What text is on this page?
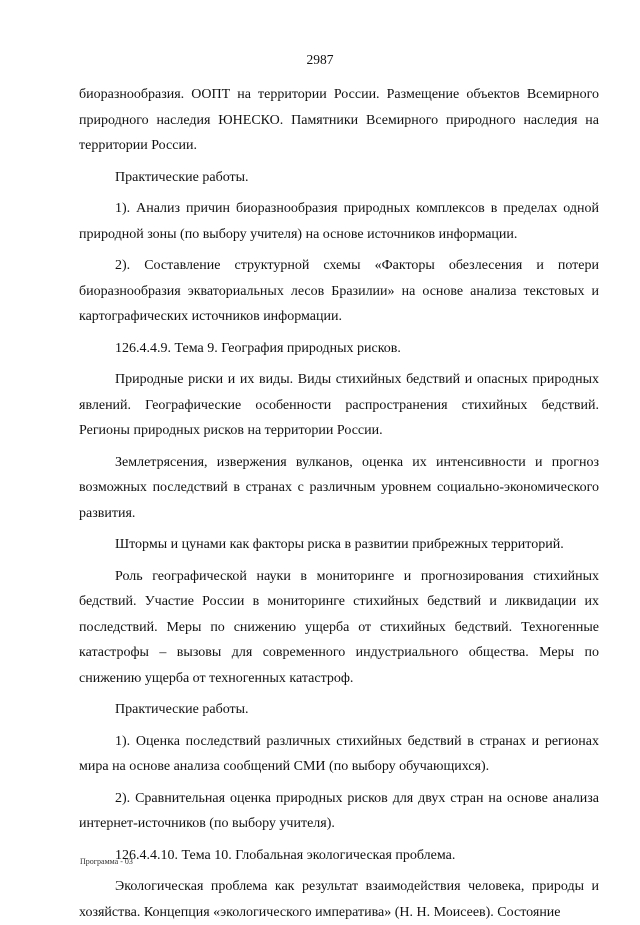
2987

биоразнообразия. ООПТ на территории России. Размещение объектов Всемирного природного наследия ЮНЕСКО. Памятники Всемирного природного наследия на территории России.

Практические работы.

1). Анализ причин биоразнообразия природных комплексов в пределах одной природной зоны (по выбору учителя) на основе источников информации.

2). Составление структурной схемы «Факторы обезлесения и потери биоразнообразия экваториальных лесов Бразилии» на основе анализа текстовых и картографических источников информации.

126.4.4.9. Тема 9. География природных рисков.

Природные риски и их виды. Виды стихийных бедствий и опасных природных явлений. Географические особенности распространения стихийных бедствий. Регионы природных рисков на территории России.

Землетрясения, извержения вулканов, оценка их интенсивности и прогноз возможных последствий в странах с различным уровнем социально-экономического развития.

Штормы и цунами как факторы риска в развитии прибрежных территорий.

Роль географической науки в мониторинге и прогнозирования стихийных бедствий. Участие России в мониторинге стихийных бедствий и ликвидации их последствий. Меры по снижению ущерба от стихийных бедствий. Техногенные катастрофы – вызовы для современного индустриального общества. Меры по снижению ущерба от техногенных катастроф.

Практические работы.

1). Оценка последствий различных стихийных бедствий в странах и регионах мира на основе анализа сообщений СМИ (по выбору обучающихся).

2). Сравнительная оценка природных рисков для двух стран на основе анализа интернет-источников (по выбору учителя).

126.4.4.10. Тема 10. Глобальная экологическая проблема.

Экологическая проблема как результат взаимодействия человека, природы и хозяйства. Концепция «экологического императива» (Н. Н. Моисеев). Состояние

Программа - 03
